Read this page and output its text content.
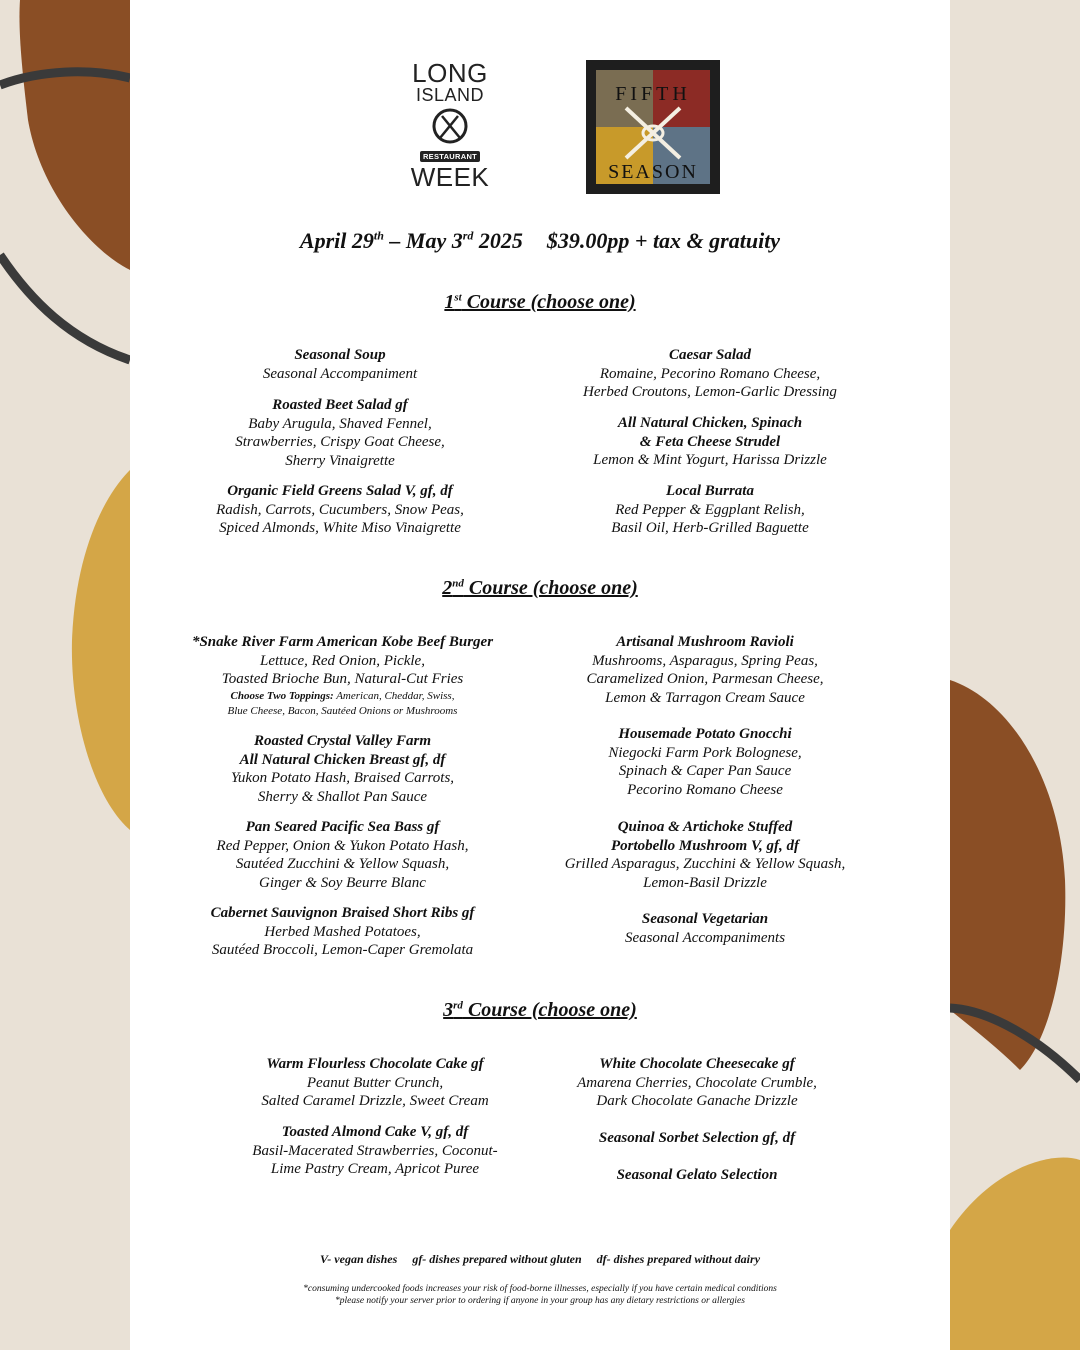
LONG
ISLAND
RESTAURANT
WEEK
FIFTH
SEASON
April 29th – May 3rd 2025 $39.00pp + tax & gratuity
1st Course (choose one)
Seasonal Soup
Seasonal Accompaniment
Roasted Beet Salad gf
Baby Arugula, Shaved Fennel,
Strawberries, Crispy Goat Cheese,
Sherry Vinaigrette
Organic Field Greens Salad V, gf, df
Radish, Carrots, Cucumbers, Snow Peas,
Spiced Almonds, White Miso Vinaigrette
Caesar Salad
Romaine, Pecorino Romano Cheese,
Herbed Croutons, Lemon-Garlic Dressing
All Natural Chicken, Spinach
& Feta Cheese Strudel
Lemon & Mint Yogurt, Harissa Drizzle
Local Burrata
Red Pepper & Eggplant Relish,
Basil Oil, Herb-Grilled Baguette
2nd Course (choose one)
*Snake River Farm American Kobe Beef Burger
Lettuce, Red Onion, Pickle,
Toasted Brioche Bun, Natural-Cut Fries
Choose Two Toppings: American, Cheddar, Swiss,
Blue Cheese, Bacon, Sautéed Onions or Mushrooms
Roasted Crystal Valley Farm
All Natural Chicken Breast gf, df
Yukon Potato Hash, Braised Carrots,
Sherry & Shallot Pan Sauce
Pan Seared Pacific Sea Bass gf
Red Pepper, Onion & Yukon Potato Hash,
Sautéed Zucchini & Yellow Squash,
Ginger & Soy Beurre Blanc
Cabernet Sauvignon Braised Short Ribs gf
Herbed Mashed Potatoes,
Sautéed Broccoli, Lemon-Caper Gremolata
Artisanal Mushroom Ravioli
Mushrooms, Asparagus, Spring Peas,
Caramelized Onion, Parmesan Cheese,
Lemon & Tarragon Cream Sauce
Housemade Potato Gnocchi
Niegocki Farm Pork Bolognese,
Spinach & Caper Pan Sauce
Pecorino Romano Cheese
Quinoa & Artichoke Stuffed
Portobello Mushroom V, gf, df
Grilled Asparagus, Zucchini & Yellow Squash,
Lemon-Basil Drizzle
Seasonal Vegetarian
Seasonal Accompaniments
3rd Course (choose one)
Warm Flourless Chocolate Cake gf
Peanut Butter Crunch,
Salted Caramel Drizzle, Sweet Cream
Toasted Almond Cake V, gf, df
Basil-Macerated Strawberries, Coconut-
Lime Pastry Cream, Apricot Puree
White Chocolate Cheesecake gf
Amarena Cherries, Chocolate Crumble,
Dark Chocolate Ganache Drizzle
Seasonal Sorbet Selection gf, df
Seasonal Gelato Selection
V- vegan dishes gf- dishes prepared without gluten df- dishes prepared without dairy
*consuming undercooked foods increases your risk of food-borne illnesses, especially if you have certain medical conditions
*please notify your server prior to ordering if anyone in your group has any dietary restrictions or allergies
